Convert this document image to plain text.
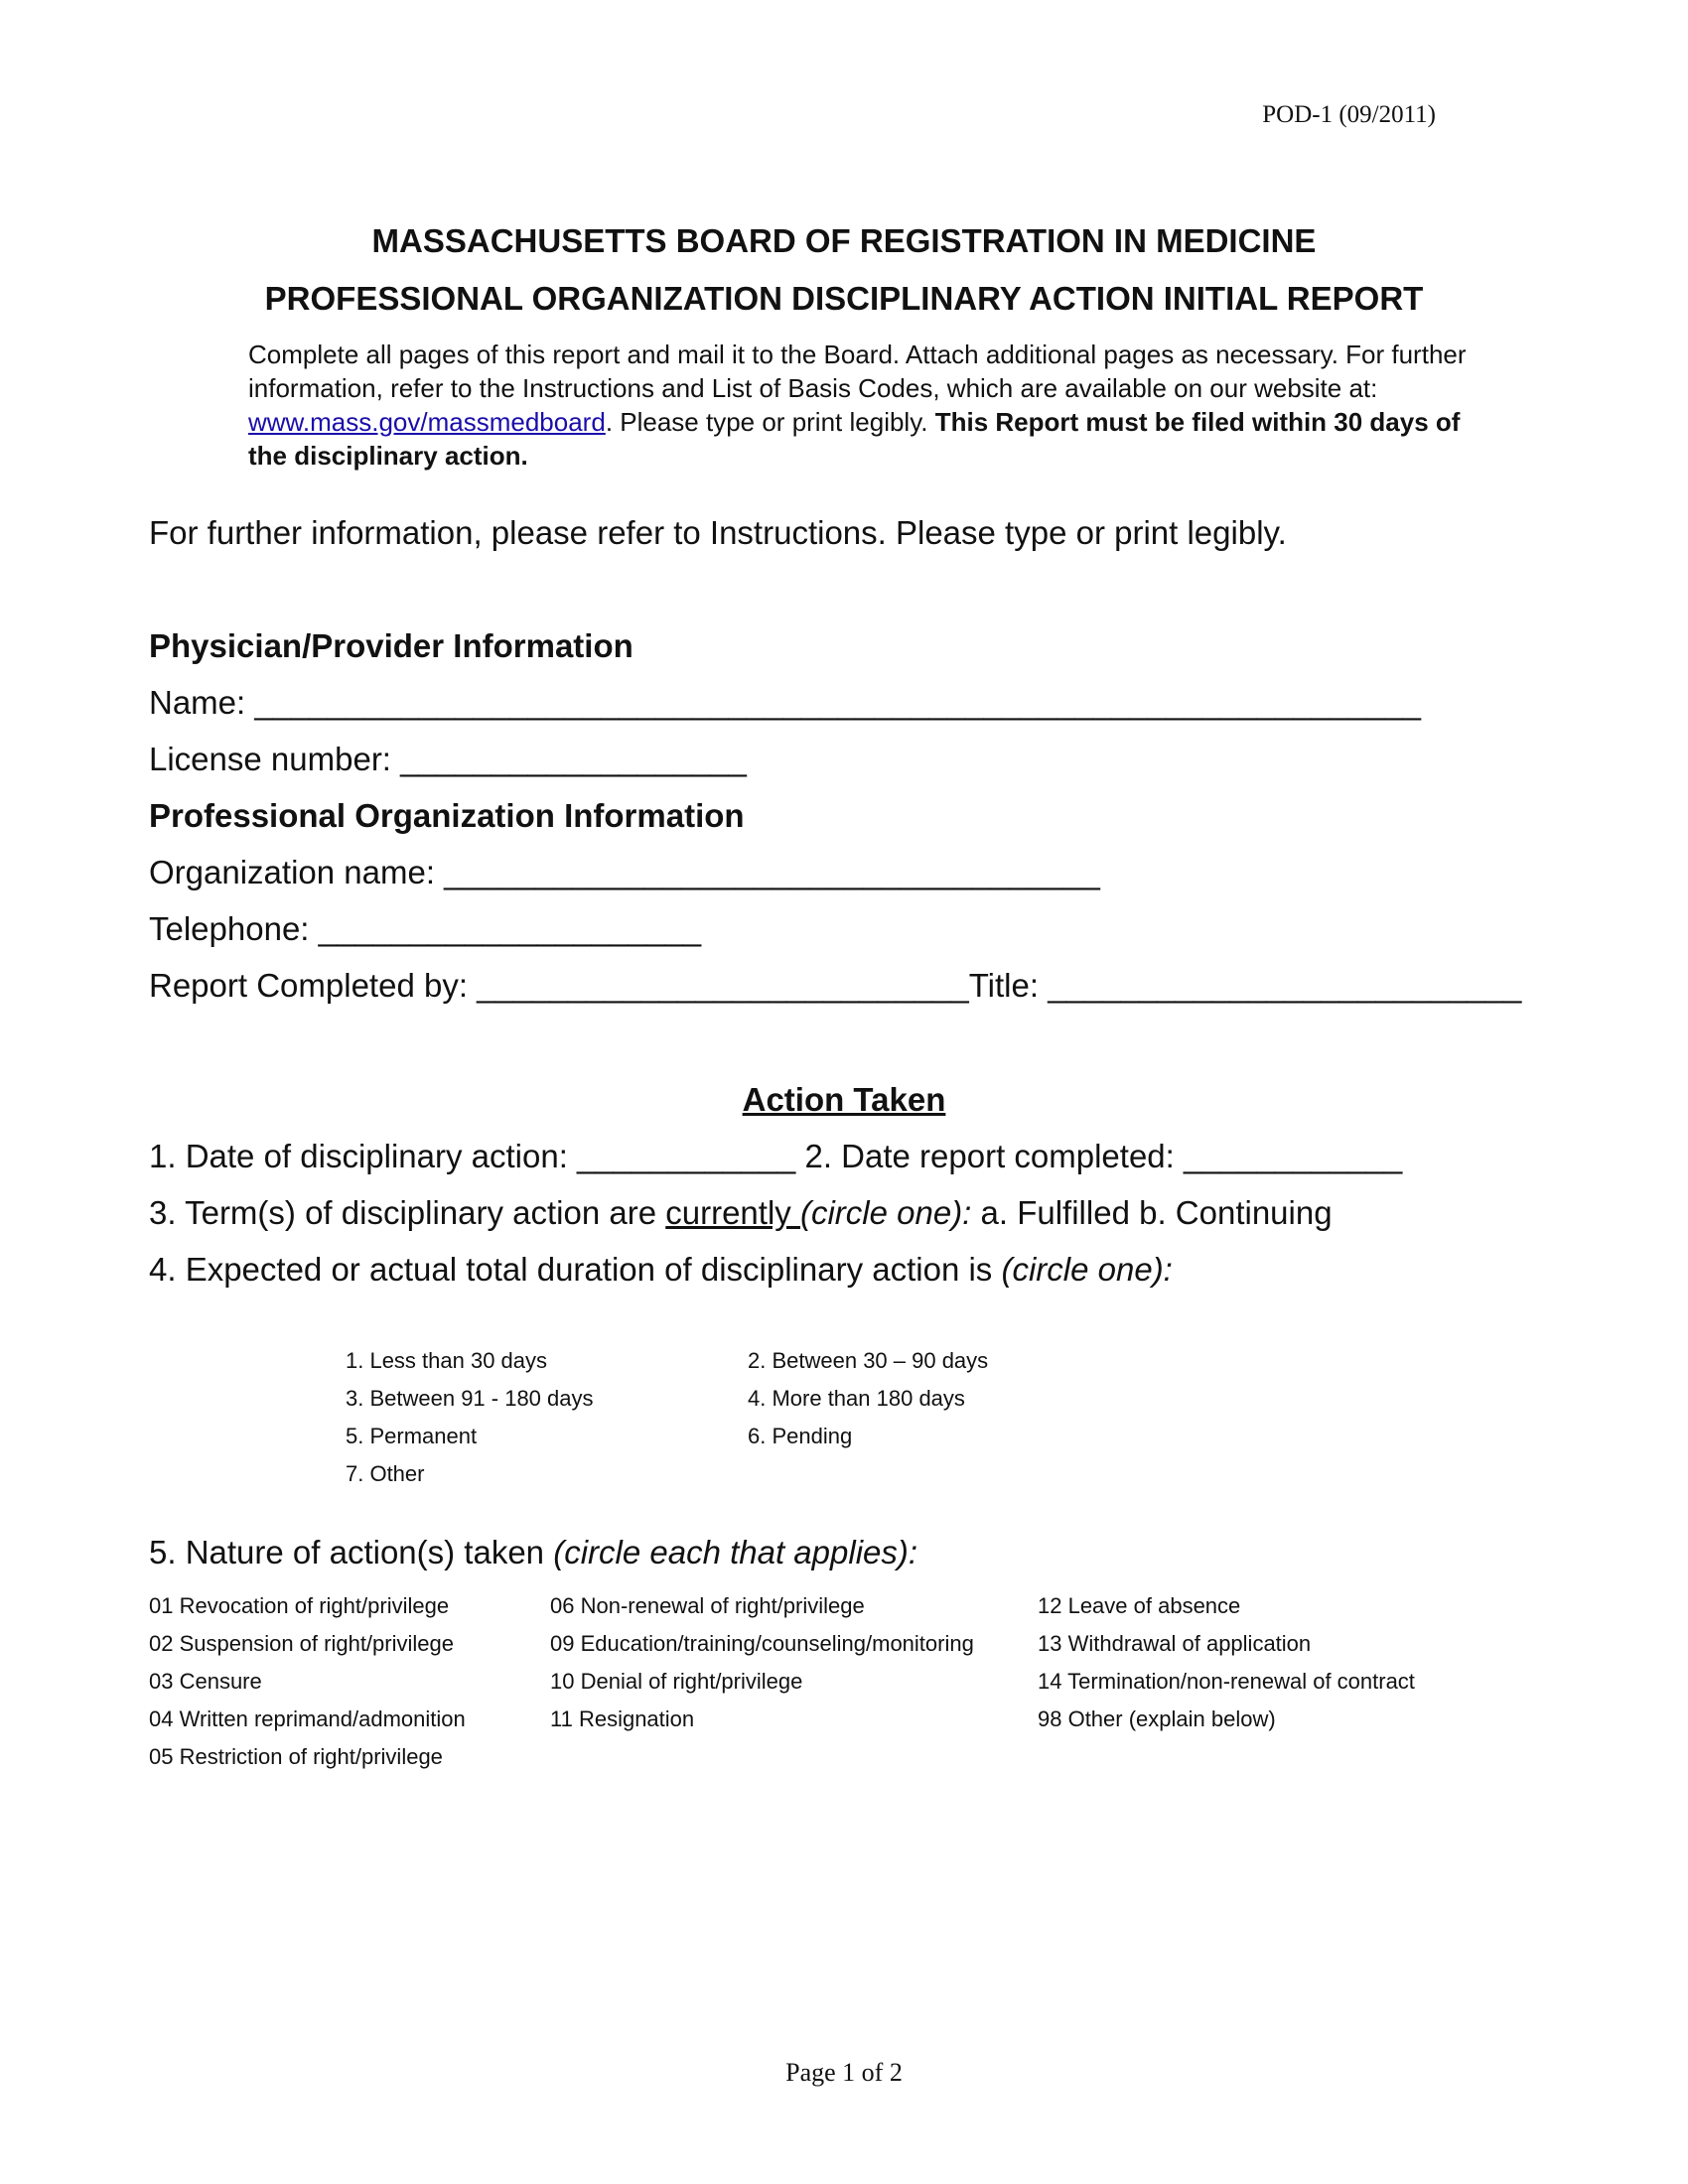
POD-1 (09/2011)
MASSACHUSETTS BOARD OF REGISTRATION IN MEDICINE
PROFESSIONAL ORGANIZATION DISCIPLINARY ACTION INITIAL REPORT
Complete all pages of this report and mail it to the Board. Attach additional pages as necessary. For further information, refer to the Instructions and List of Basis Codes, which are available on our website at: www.mass.gov/massmedboard. Please type or print legibly. This Report must be filed within 30 days of the disciplinary action.
For further information, please refer to Instructions. Please type or print legibly.
Physician/Provider Information
Name: ________________________________________________________________
License number: ___________________
Professional Organization Information
Organization name: ____________________________________
Telephone: _____________________
Report Completed by: ___________________________Title: __________________________
Action Taken
1. Date of disciplinary action: ____________ 2. Date report completed: ____________
3. Term(s) of disciplinary action are currently (circle one): a. Fulfilled b. Continuing
4. Expected or actual total duration of disciplinary action is (circle one):
1. Less than 30 days	2. Between 30 – 90 days
3. Between 91 - 180 days	4. More than 180 days
5. Permanent	6. Pending
7. Other
5. Nature of action(s) taken (circle each that applies):
01 Revocation of right/privilege
02 Suspension of right/privilege
03 Censure
04 Written reprimand/admonition
05 Restriction of right/privilege
06 Non-renewal of right/privilege
09 Education/training/counseling/monitoring
10 Denial of right/privilege
11 Resignation
12 Leave of absence
13 Withdrawal of application
14 Termination/non-renewal of contract
98 Other (explain below)
Page 1 of 2
